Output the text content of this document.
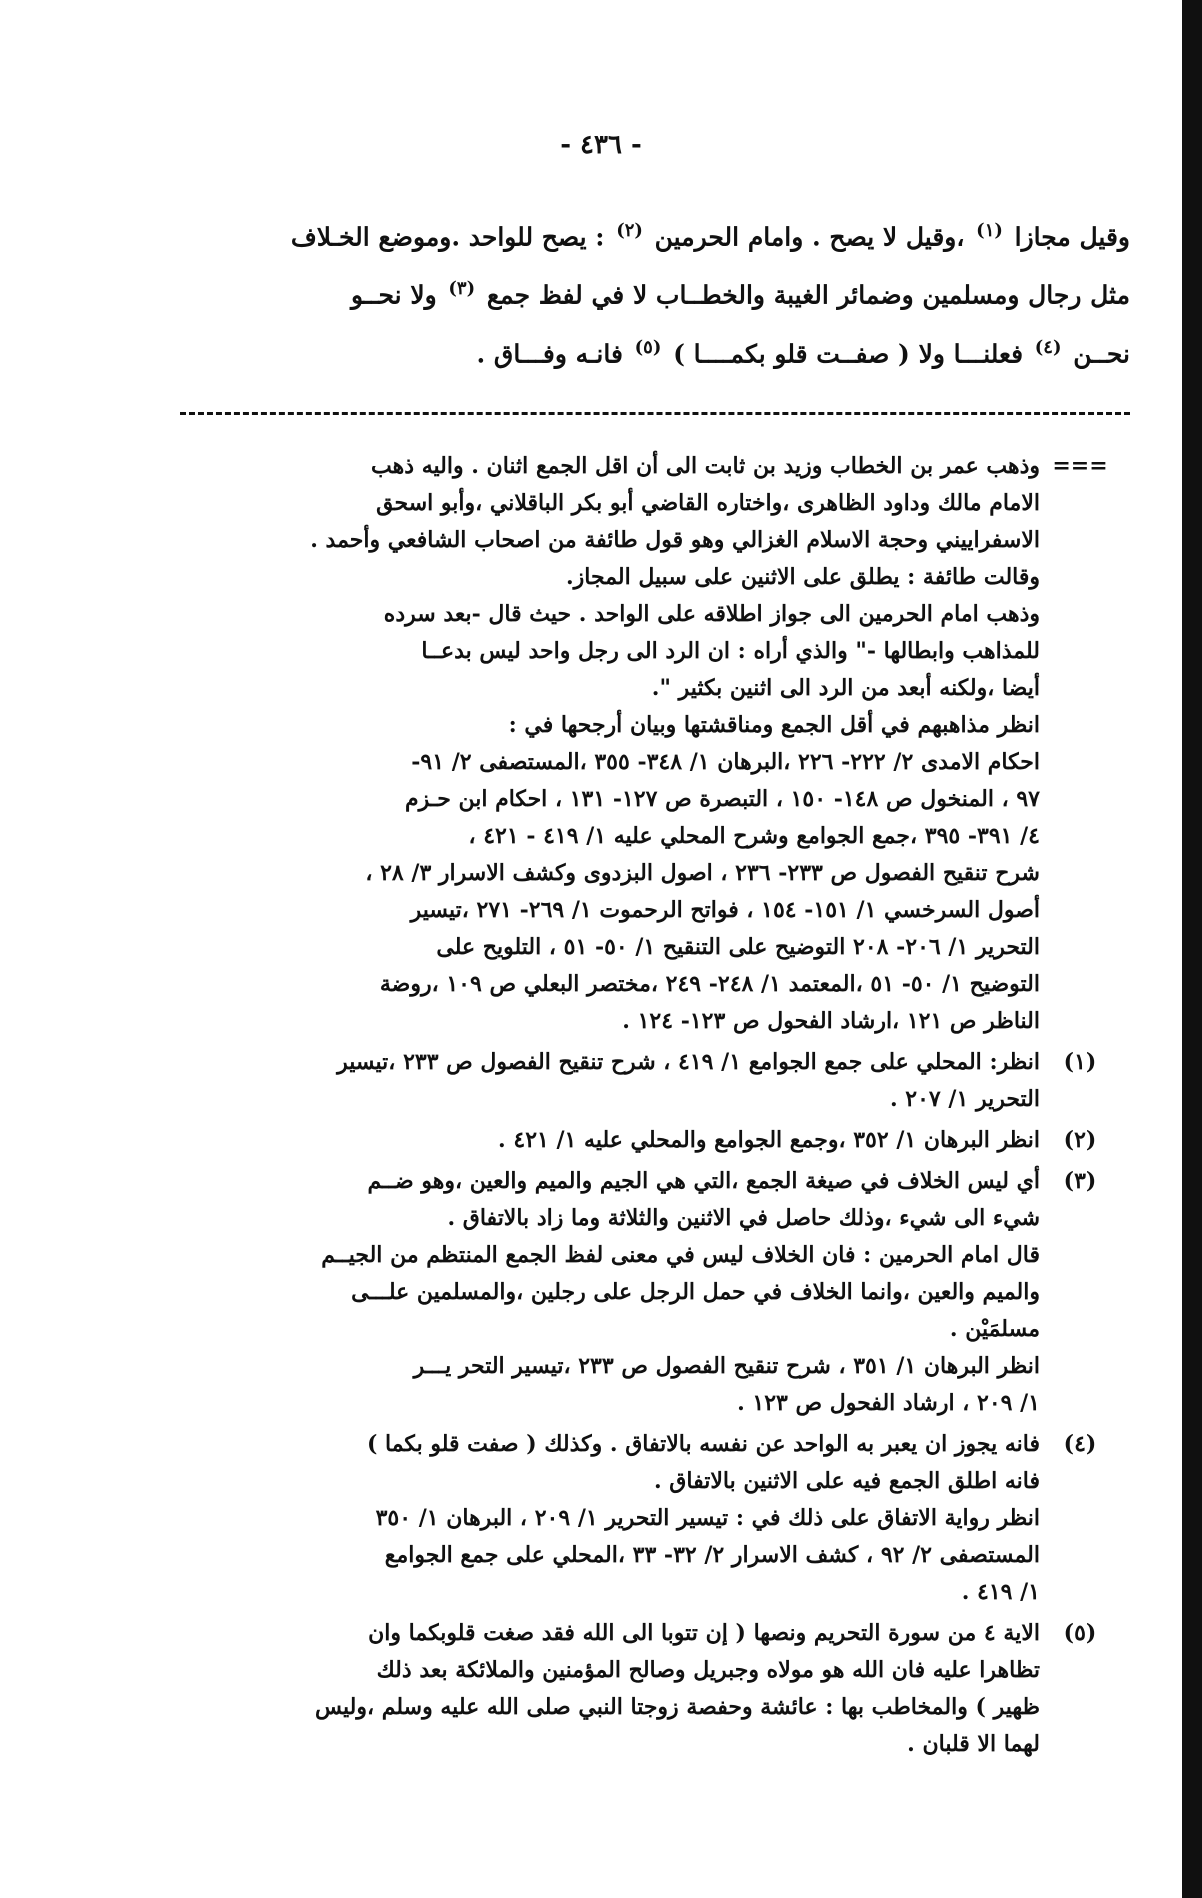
- ٤٣٦ -

وقيل مجازا $^{(١)}$ ،وقيل لا يصح . وامام الحرمين $^{(٢)}$ : يصح للواحد .وموضع الخـلاف

مثل رجال ومسلمين وضمائر الغيبة والخطــاب لا في لفظ جمع $^{(٣)}$ ولا نحــو

نحــن $^{(٤)}$ فعلنـــا ولا ( صفــت قلو بكمــــا ) $^{(٥)}$ فانـه وفـــاق .

===
وذهب عمر بن الخطاب وزيد بن ثابت الى أن اقل الجمع اثنان . واليه ذهب
الامام مالك وداود الظاهرى ،واختاره القاضي أبو بكر الباقلاني ،وأبو اسحق
الاسفراييني وحجة الاسلام الغزالي وهو قول طائفة من اصحاب الشافعي وأحمد .
وقالت طائفة : يطلق على الاثنين على سبيل المجاز.
وذهب امام الحرمين الى جواز اطلاقه على الواحد . حيث قال -بعد سرده
للمذاهب وابطالها -" والذي أراه : ان الرد الى رجل واحد ليس بدعــا
أيضا ،ولكنه أبعد من الرد الى اثنين بكثير ".
انظر مذاهبهم في أقل الجمع ومناقشتها وبيان أرجحها في :
احكام الامدى ٢/ ٢٢٢- ٢٢٦ ،البرهان ١/ ٣٤٨- ٣٥٥ ،المستصفى ٢/ ٩١-
٩٧ ، المنخول ص ١٤٨- ١٥٠ ، التبصرة ص ١٢٧- ١٣١ ، احكام ابن حـزم
٤/ ٣٩١- ٣٩٥ ،جمع الجوامع وشرح المحلي عليه ١/ ٤١٩ - ٤٢١ ،
شرح تنقيح الفصول ص ٢٣٣- ٢٣٦ ، اصول البزدوى وكشف الاسرار ٣/ ٢٨ ،
أصول السرخسي ١/ ١٥١- ١٥٤ ، فواتح الرحموت ١/ ٢٦٩- ٢٧١ ،تيسير
التحرير ١/ ٢٠٦- ٢٠٨ التوضيح على التنقيح ١/ ٥٠- ٥١ ، التلويح على
التوضيح ١/ ٥٠- ٥١ ،المعتمد ١/ ٢٤٨- ٢٤٩ ،مختصر البعلي ص ١٠٩ ،روضة
الناظر ص ١٢١ ،ارشاد الفحول ص ١٢٣- ١٢٤ .
(١)
انظر: المحلي على جمع الجوامع ١/ ٤١٩ ، شرح تنقيح الفصول ص ٢٣٣ ،تيسير
التحرير ١/ ٢٠٧ .
(٢)
انظر البرهان ١/ ٣٥٢ ،وجمع الجوامع والمحلي عليه ١/ ٤٢١ .
(٣)
أي ليس الخلاف في صيغة الجمع ،التي هي الجيم والميم والعين ،وهو ضــم
شيء الى شيء ،وذلك حاصل في الاثنين والثلاثة وما زاد بالاتفاق .
قال امام الحرمين : فان الخلاف ليس في معنى لفظ الجمع المنتظم من الجيــم
والميم والعين ،وانما الخلاف في حمل الرجل على رجلين ،والمسلمين علـــى
مسلمَيْن .
انظر البرهان ١/ ٣٥١ ، شرح تنقيح الفصول ص ٢٣٣ ،تيسير التحر يـــر
١/ ٢٠٩ ، ارشاد الفحول ص ١٢٣ .
(٤)
فانه يجوز ان يعبر به الواحد عن نفسه بالاتفاق . وكذلك ( صفت قلو بكما )
فانه اطلق الجمع فيه على الاثنين بالاتفاق .
انظر رواية الاتفاق على ذلك في : تيسير التحرير ١/ ٢٠٩ ، البرهان ١/ ٣٥٠
المستصفى ٢/ ٩٢ ، كشف الاسرار ٢/ ٣٢- ٣٣ ،المحلي على جمع الجوامع
١/ ٤١٩ .
(٥)
الاية ٤ من سورة التحريم ونصها ( إن تتوبا الى الله فقد صغت قلوبكما وان
تظاهرا عليه فان الله هو مولاه وجبريل وصالح المؤمنين والملائكة بعد ذلك
ظهير ) والمخاطب بها : عائشة وحفصة زوجتا النبي صلى الله عليه وسلم ،وليس
لهما الا قلبان .
